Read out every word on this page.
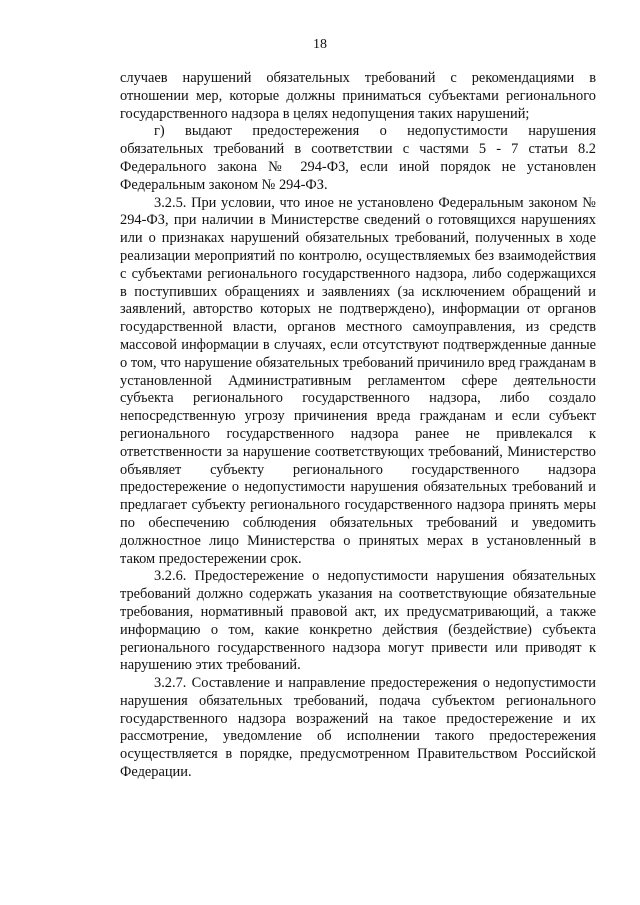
18

случаев нарушений обязательных требований с рекомендациями в отношении мер, которые должны приниматься субъектами регионального государственного надзора в целях недопущения таких нарушений;

г) выдают предостережения о недопустимости нарушения обязательных требований в соответствии с частями 5 - 7 статьи 8.2 Федерального закона № 294-ФЗ, если иной порядок не установлен Федеральным законом № 294-ФЗ.

3.2.5. При условии, что иное не установлено Федеральным законом № 294-ФЗ, при наличии в Министерстве сведений о готовящихся нарушениях или о признаках нарушений обязательных требований, полученных в ходе реализации мероприятий по контролю, осуществляемых без взаимодействия с субъектами регионального государственного надзора, либо содержащихся в поступивших обращениях и заявлениях (за исключением обращений и заявлений, авторство которых не подтверждено), информации от органов государственной власти, органов местного самоуправления, из средств массовой информации в случаях, если отсутствуют подтвержденные данные о том, что нарушение обязательных требований причинило вред гражданам в установленной Административным регламентом сфере деятельности субъекта регионального государственного надзора, либо создало непосредственную угрозу причинения вреда гражданам и если субъект регионального государственного надзора ранее не привлекался к ответственности за нарушение соответствующих требований, Министерство объявляет субъекту регионального государственного надзора предостережение о недопустимости нарушения обязательных требований и предлагает субъекту регионального государственного надзора принять меры по обеспечению соблюдения обязательных требований и уведомить должностное лицо Министерства о принятых мерах в установленный в таком предостережении срок.

3.2.6. Предостережение о недопустимости нарушения обязательных требований должно содержать указания на соответствующие обязательные требования, нормативный правовой акт, их предусматривающий, а также информацию о том, какие конкретно действия (бездействие) субъекта регионального государственного надзора могут привести или приводят к нарушению этих требований.

3.2.7. Составление и направление предостережения о недопустимости нарушения обязательных требований, подача субъектом регионального государственного надзора возражений на такое предостережение и их рассмотрение, уведомление об исполнении такого предостережения осуществляется в порядке, предусмотренном Правительством Российской Федерации.
